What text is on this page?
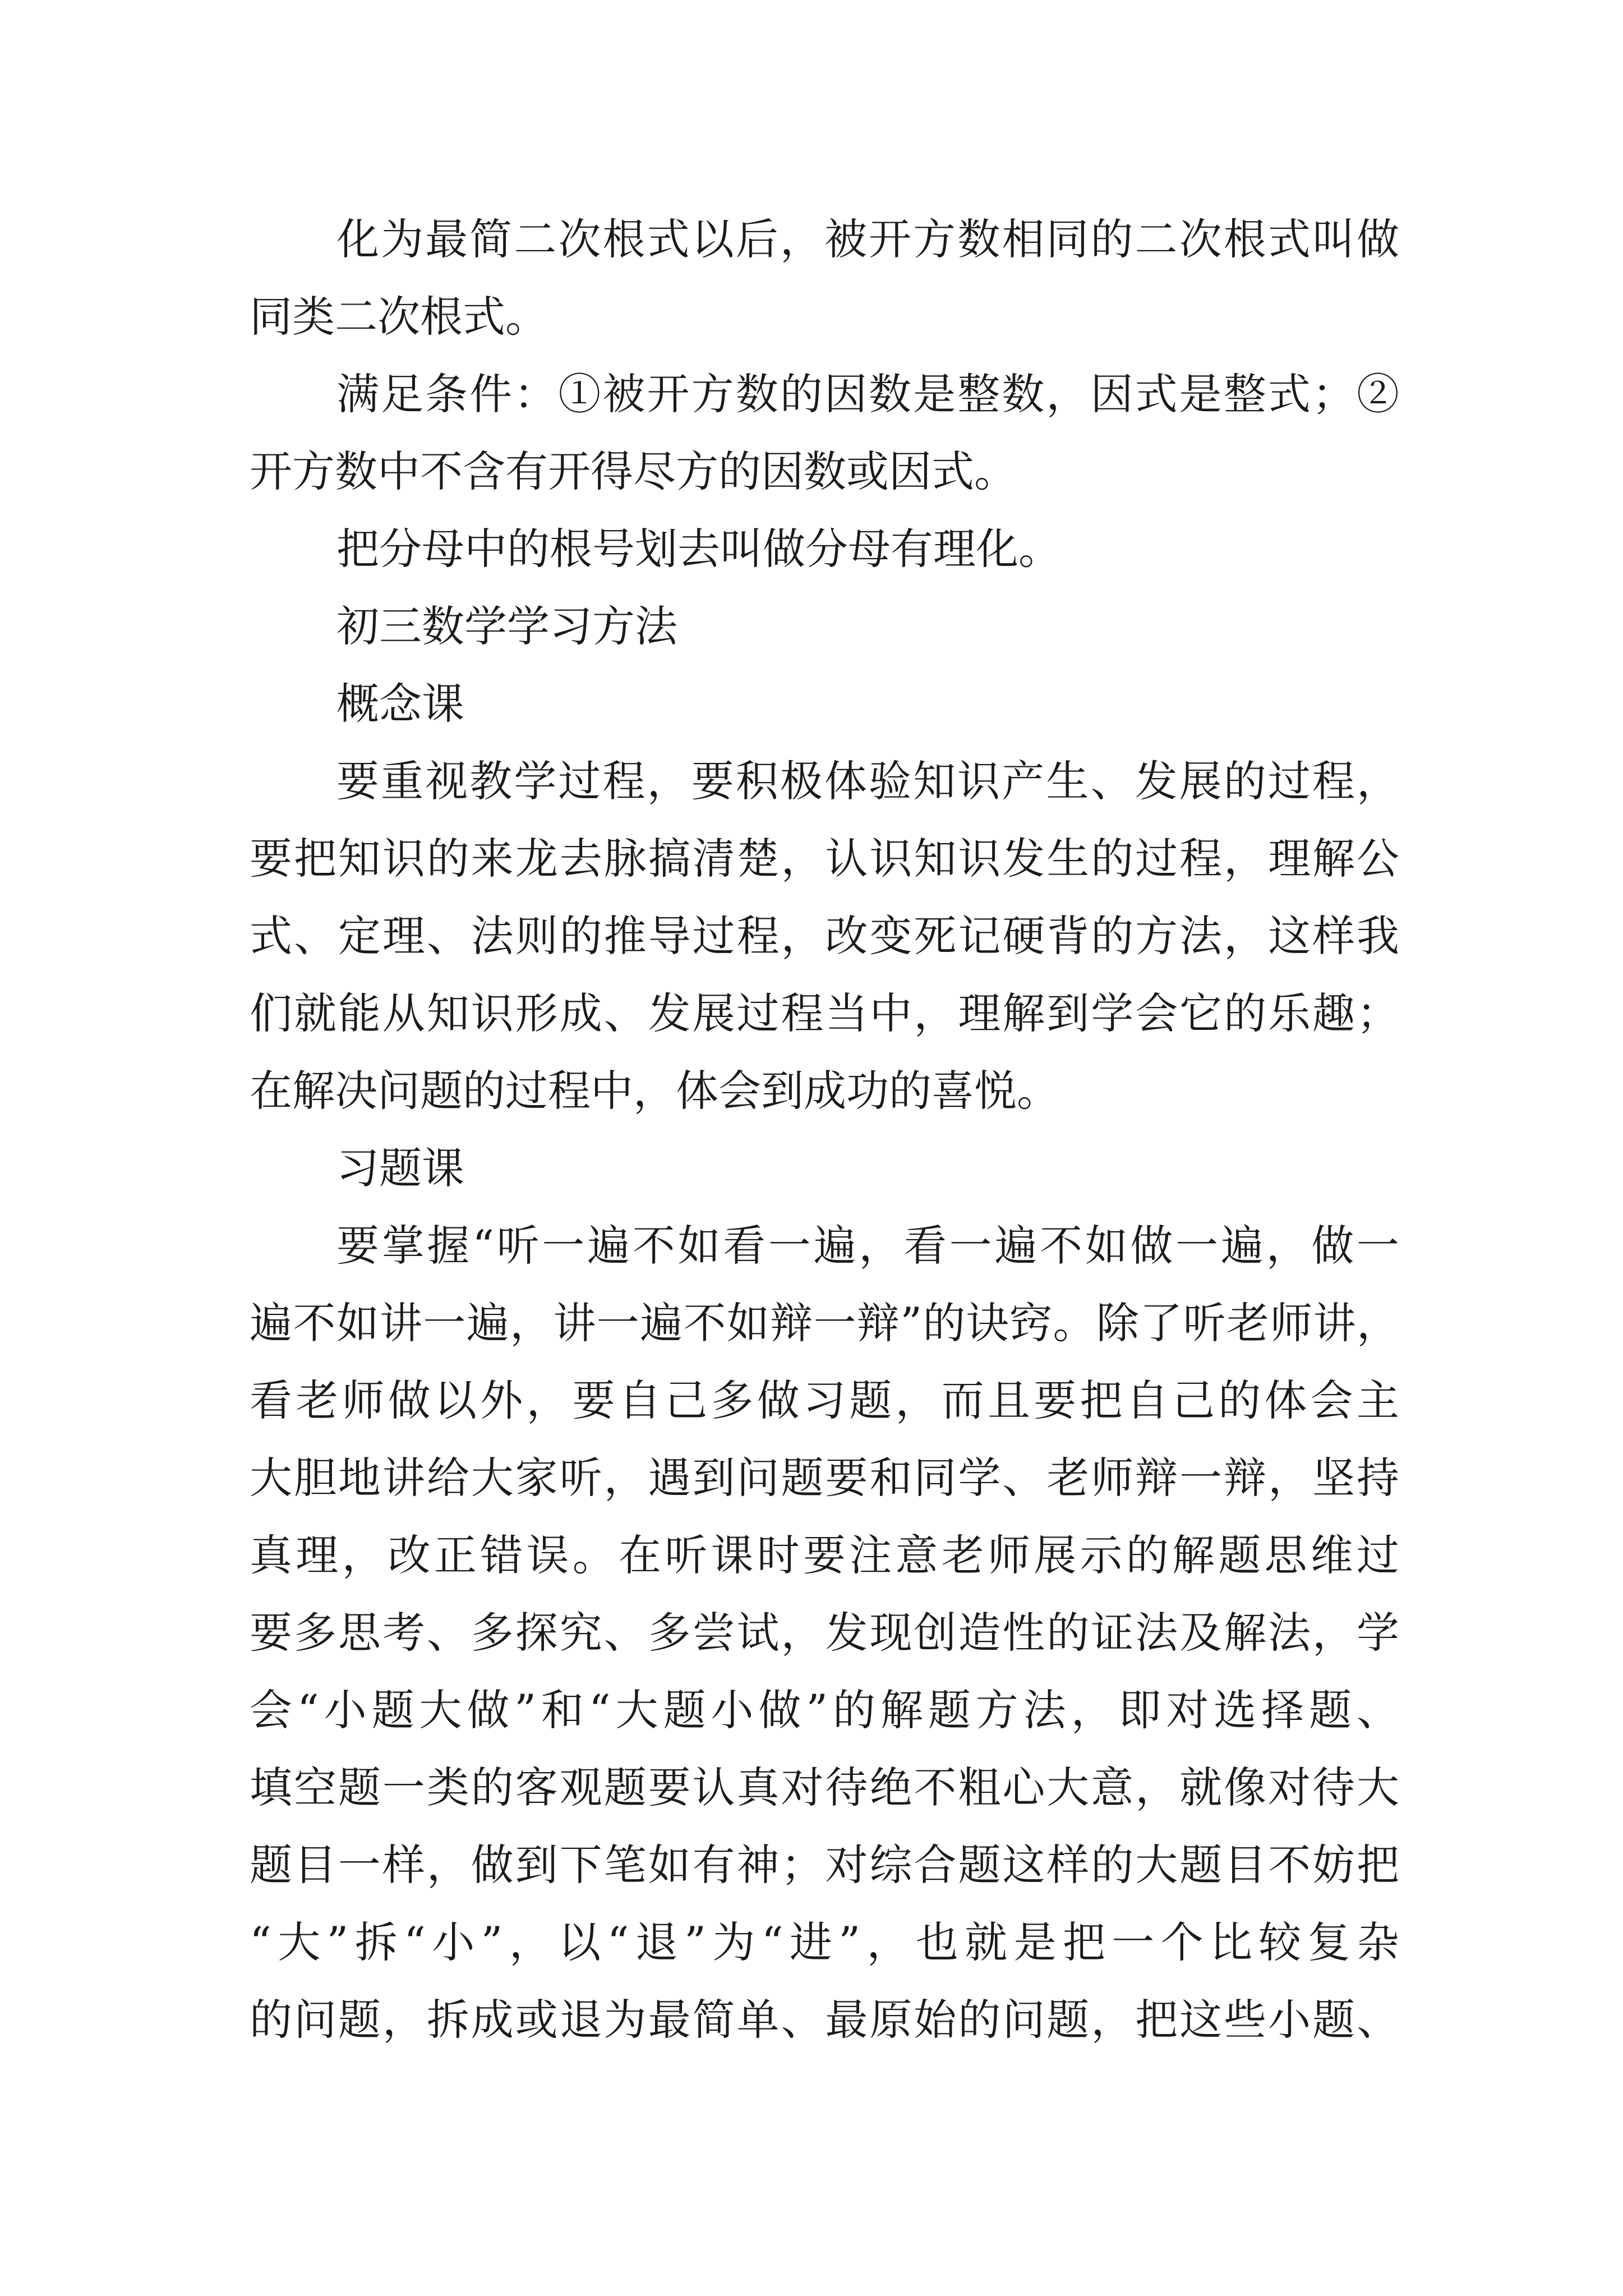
化为最简二次根式以后，被开方数相同的二次根式叫做
同类二次根式。
满足条件：①被开方数的因数是整数，因式是整式；②
开方数中不含有开得尽方的因数或因式。
把分母中的根号划去叫做分母有理化。
初三数学学习方法
概念课
要重视教学过程，要积极体验知识产生、发展的过程，
要把知识的来龙去脉搞清楚，认识知识发生的过程，理解公
式、定理、法则的推导过程，改变死记硬背的方法，这样我
们就能从知识形成、发展过程当中，理解到学会它的乐趣；
在解决问题的过程中，体会到成功的喜悦。
习题课
要掌握“听一遍不如看一遍，看一遍不如做一遍，做一
遍不如讲一遍，讲一遍不如辩一辩”的诀窍。除了听老师讲，
看老师做以外，要自己多做习题，而且要把自己的体会主
大胆地讲给大家听，遇到问题要和同学、老师辩一辩，坚持
真理，改正错误。在听课时要注意老师展示的解题思维过
要多思考、多探究、多尝试，发现创造性的证法及解法，学
会“小题大做”和“大题小做”的解题方法，即对选择题、
填空题一类的客观题要认真对待绝不粗心大意，就像对待大
题目一样，做到下笔如有神；对综合题这样的大题目不妨把
“大”拆“小”，以“退”为“进”，也就是把一个比较复杂
的问题，拆成或退为最简单、最原始的问题，把这些小题、
